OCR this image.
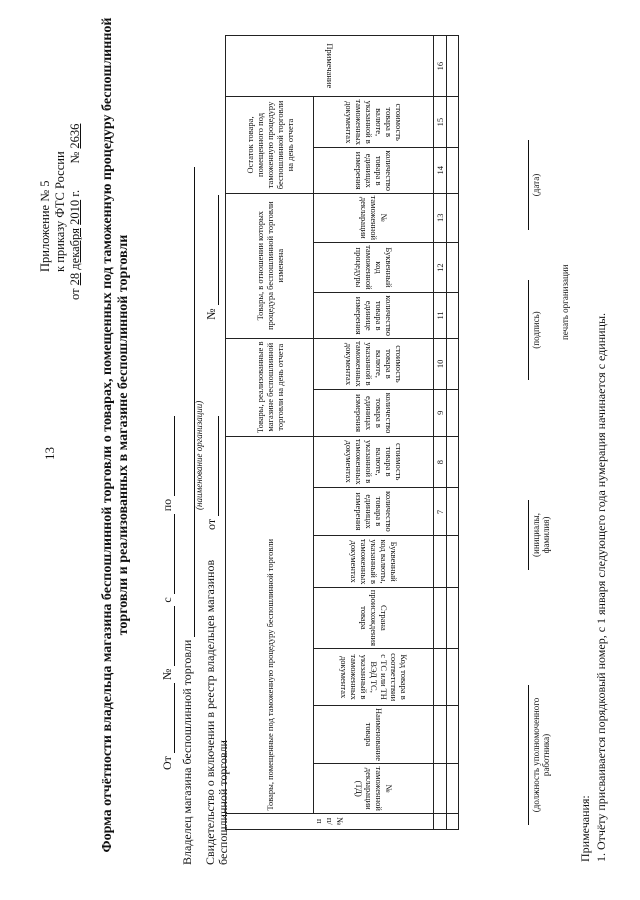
13
Приложение № 5 к приказу ФТС России
от 28 декабря 2010 г.  № 2636 Форма отчётности владельца магазина беспошлинной торговли о товарах, помещенных под таможенную процедуру беспошлинной торговли и реализованных в магазине беспошлинной торговли
От  №  с  по
Владелец магазина беспошлинной торговли
(наименование организации)
Свидетельство о включении в реестр владельцев магазинов беспошлинной торговли
от   №
№ п/п	Товары, помещенные под таможенную процедуру беспошлинной торговли							Товары, реализованные в магазине беспошлинной торговли на день отчета		Товары, в отношении которых процедура беспошлинной торговли изменена			Остаток товара, помещенного под таможенную процедуру беспошлинной торговли на день отчета		Примечание

	№ таможенной декларации (ТД)	Наименование товара	Код товара в соответствии с ТС или ТН ВЭД ТС, указанный в таможенных документах	Страна происхождения товара	Буквенный код валюты, указанный в таможенных документах	количество товара в единицах измерения	стоимость товара в валюте, указанной в таможенных документах	количество товара в единицах измерения	стоимость товара в валюте, указанной в таможенных документах	количество товара в единице измерения	Буквенный код таможенной процедуры	№ таможенной декларации	количество товара в единицах измерения	стоимость товара в валюте, указанной в таможенных документах	

						7	8	9	10	11	12	13	14	15	16

(должность уполномоченного работника)
(инициалы, фамилия)
(подпись)
(дата)
печать организации
Примечания: 1. Отчёту присваивается порядковый номер, с 1 января следующего года нумерация начинается с единицы.
